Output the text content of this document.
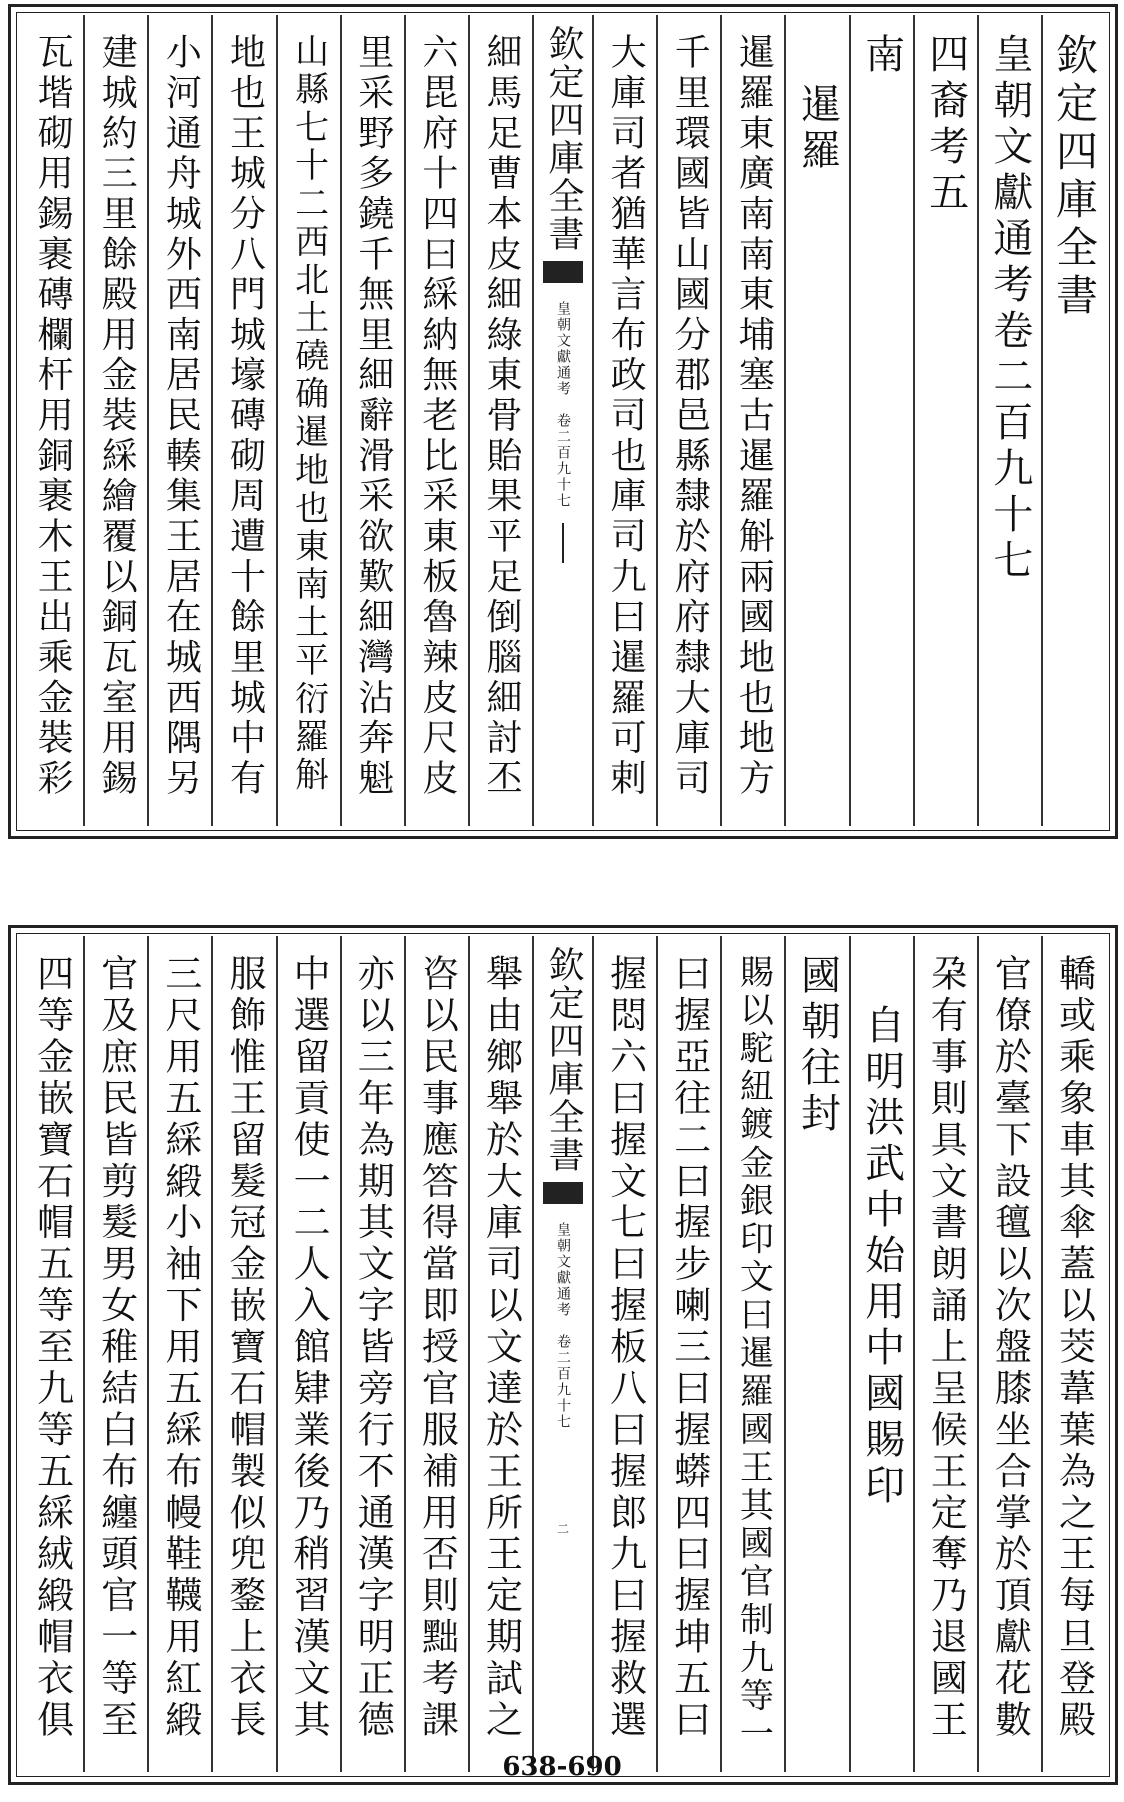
欽定四庫全書
皇朝文獻通考卷二百九十七
四裔考五
南
暹羅
暹羅東廣南南東埔塞古暹羅斛兩國地也地方
千里環國皆山國分郡邑縣隸於府府隸大庫司
大庫司者猶華言布政司也庫司九曰暹羅可剌
欽定四庫全書
皇朝文獻通考　卷二百九十七
細馬足曹本皮細綠東骨貽果平足倒腦細討丕
六毘府十四曰綵納無老比采東板魯辣皮尺皮
里采野多鐃千無里細辭滑采欲歎細灣沾奔魁
山縣七十二西北土磽确暹地也東南土平衍羅斛
地也王城分八門城壕磚砌周遭十餘里城中有
小河通舟城外西南居民輳集王居在城西隅另
建城約三里餘殿用金裝綵繪覆以銅瓦室用錫
瓦堦砌用錫裹磚欄杆用銅裹木王出乘金裝彩
轎或乘象車其傘蓋以茭葦葉為之王每旦登殿
官僚於臺下設氊以次盤膝坐合掌於頂獻花數
朶有事則具文書朗誦上呈候王定奪乃退國王
自明洪武中始用中國賜印
國朝往封
賜以駝紐鍍金銀印文曰暹羅國王其國官制九等一
曰握亞往二曰握步喇三曰握蟒四曰握坤五曰
握悶六曰握文七曰握板八曰握郎九曰握救選
欽定四庫全書
皇朝文獻通考　卷二百九十七
二
舉由鄉舉於大庫司以文達於王所王定期試之
咨以民事應答得當即授官服補用否則黜考課
亦以三年為期其文字皆旁行不通漢字明正德
中選留貢使一二人入館肄業後乃稍習漢文其
服飾惟王留髮冠金嵌寶石帽製似兜鍪上衣長
三尺用五綵緞小袖下用五綵布幔鞋韈用紅緞
官及庶民皆剪髮男女稚結白布纏頭官一等至
四等金嵌寶石帽五等至九等五綵絨緞帽衣俱
638-690
